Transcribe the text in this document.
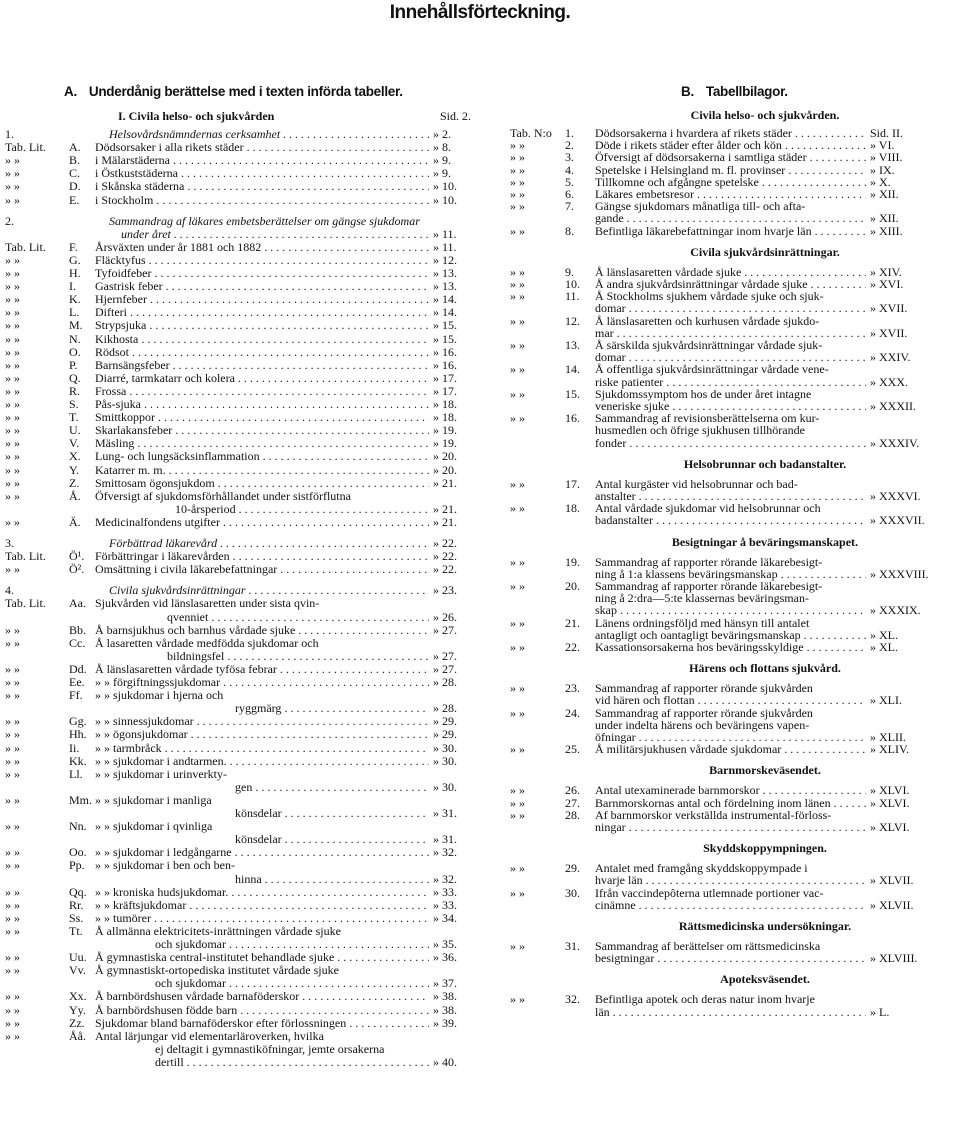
Innehållsförteckning.
A. Underdånig berättelse med i texten införda tabeller.	B. Tabellbilagor.
I. Civila helso- och sjukvården	Sid. 2.
1.	Helsovårdsnämndernas cerksamhet . . .	» 2.
Tab. Lit. A. Dödsorsaker i alla rikets städer . . .	» 8.
» »	B. i Mälarstäderna . . .	» 9.
» »	C. i Östkuststäderna . . .	» 9.
» »	D. i Skånska städerna . . .	» 10.
» »	E. i Stockholm . . .	» 10.
2.	Sammandrag af läkares embetsberättelser om gängse sjukdomar
under året . . .	» 11.
Tab. Lit. F. Årsväxten under år 1881 och 1882 . . .	» 11.
» »	G. Fläcktyfus . . .	» 12.
» »	H. Tyfoidfeber . . .	» 13.
» »	I. Gastrisk feber . . .	» 13.
» »	K. Hjernfeber . . .	» 14.
» »	L. Difteri . . .	» 14.
» »	M. Strypsjuka . . .	» 15.
» »	N. Kikhosta . . .	» 15.
» »	O. Rödsot . . .	» 16.
» »	P. Barnsängsfeber . . .	» 16.
» »	Q. Diarré, tarmkatarr och kolera . . .	» 17.
» »	R. Frossa . . .	» 17.
» »	S. Pås-sjuka . . .	» 18.
» »	T. Smittkoppor . . .	» 18.
» »	U. Skarlakansfeber . . .	» 19.
» »	V. Mäsling . . .	» 19.
» »	X. Lung- och lungsäcksinflammation . . .	» 20.
» »	Y. Katarrer m. m. . . .	» 20.
» »	Z. Smittosam ögonsjukdom . . .	» 21.
» »	Å. Öfversigt af sjukdomsförhållandet under sistförflutna
10-årsperiod . . .	» 21.
» »	Ä. Medicinalfondens utgifter . . .	» 21.
3.	Förbättrad läkarevård . . .	» 22.
Tab. Lit. Ö¹. Förbättringar i läkarevården . . .	» 22.
» »	Ö². Omsättning i civila läkarebefattningar . . .	» 22.
4.	Civila sjukvårdsinrättningar . . .	» 23.
Tab. Lit. Aa. Sjukvården vid länslasaretten under sista qvin-
qvenniet . . .	» 26.
» »	Bb. Å barnsjukhus och barnhus vårdade sjuke . . .	» 27.
» »	Cc. Å lasaretten vårdade medfödda sjukdomar och
bildningsfel . . .	» 27.
» »	Dd. Å länslasaretten vårdade tyfösa febrar . . .	» 27.
» »	Ee. » » förgiftningssjukdomar . . .	» 28.
» »	Ff. » » sjukdomar i hjerna och
ryggmärg . . .	» 28.
» »	Gg. » » sinnessjukdomar . . .	» 29.
» »	Hh. » » ögonsjukdomar . . .	» 29.
» »	Ii. » » tarmbråck . . .	» 30.
» »	Kk. » » sjukdomar i andtarmen. . . .	» 30.
» »	Ll. » » sjukdomar i urinverkty-
gen . . .	» 30.
» »	Mm. » » sjukdomar i manliga
könsdelar . . .	» 31.
» »	Nn. » » sjukdomar i qvinliga
könsdelar . . .	» 31.
» »	Oo. » » sjukdomar i ledgångarne . . .	» 32.
» »	Pp. » » sjukdomar i ben och ben-
hinna . . .	» 32.
» »	Qq. » » kroniska hudsjukdomar. . . .	» 33.
» »	Rr. » » kräftsjukdomar . . .	» 33.
» »	Ss. » » tumörer . . .	» 34.
» »	Tt. Å allmänna elektricitets-inrättningen vårdade sjuke
och sjukdomar . . .	» 35.
» »	Uu. Å gymnastiska central-institutet behandlade sjuke . . .	» 36.
» »	Vv. Å gymnastiskt-ortopediska institutet vårdade sjuke
och sjukdomar . . .	» 37.
» »	Xx. Å barnbördshusen vårdade barnaföderskor . . .	» 38.
» »	Yy. Å barnbördshusen födde barn . . .	» 38.
» »	Zz. Sjukdomar bland barnaföderskor efter förlossningen . . .	» 39.
» »	Åå. Antal lärjungar vid elementarläroverken, hvilka
ej deltagit i gymnastiköfningar, jemte orsakerna
dertill . . .	» 40.
Civila helso- och sjukvården.
Tab. N:o 1. Dödsorsakerna i hvardera af rikets städer . . .	Sid. II.
» »	2. Döde i rikets städer efter ålder och kön . . .	» VI.
» »	3. Öfversigt af dödsorsakerna i samtliga städer . . .	» VIII.
» »	4. Spetelske i Helsingland m. fl. provinser . . .	» IX.
» »	5. Tillkomne och afgångne spetelske . . .	» X.
» »	6. Läkares embetsresor . . .	» XII.
» »	7. Gängse sjukdomars månatliga till- och afta-
gande . . .	» XII.
» »	8. Befintliga läkarebefattningar inom hvarje län . . .	» XIII.
Civila sjukvårdsinrättningar.
» »	9. Å länslasaretten vårdade sjuke . . .	» XIV.
» »	10. Å andra sjukvårdsinrättningar vårdade sjuke . . .	» XVI.
» »	11. Å Stockholms sjukhem vårdade sjuke och sjuk-
domar . . .	» XVII.
» »	12. Å länslasaretten och kurhusen vårdade sjukdo-
mar . . .	» XVII.
» »	13. Å särskilda sjukvårdsinrättningar vårdade sjuk-
domar . . .	» XXIV.
» »	14. Å offentliga sjukvårdsinrättningar vårdade vene-
riske patienter . . .	» XXX.
» »	15. Sjukdomssymptom hos de under året intagne
veneriske sjuke . . .	» XXXII.
» »	16. Sammandrag af revisionsberättelserna om kur-
husmedlen och öfrige sjukhusen tillhörande
fonder . . .	» XXXIV.
Helsobrunnar och badanstalter.
» »	17. Antal kurgäster vid helsobrunnar och bad-
anstalter . . .	» XXXVI.
» »	18. Antal vårdade sjukdomar vid helsobrunnar och
badanstalter . . .	» XXXVII.
Besigtningar å beväringsmanskapet.
» »	19. Sammandrag af rapporter rörande läkarebesigt-
ning å 1:a klassens beväringsmanskap . . .	» XXXVIII.
» »	20. Sammandrag af rapporter rörande läkarebesigt-
ning å 2:dra—5:te klassernas beväringsman-
skap . . .	» XXXIX.
» »	21. Länens ordningsföljd med hänsyn till antalet
antagligt och oantagligt beväringsmanskap . . .	» XL.
» »	22. Kassationsorsakerna hos beväringsskyldige . . .	» XL.
Härens och flottans sjukvård.
» »	23. Sammandrag af rapporter rörande sjukvården
vid hären och flottan . . .	» XLI.
» »	24. Sammandrag af rapporter rörande sjukvården
under indelta härens och beväringens vapen-
öfningar . . .	» XLII.
» »	25. Å militärsjukhusen vårdade sjukdomar . . .	» XLIV.
Barnmorskeväsendet.
» »	26. Antal utexaminerade barnmorskor . . .	» XLVI.
» »	27. Barnmorskornas antal och fördelning inom länen . . .	» XLVI.
» »	28. Af barnmorskor verkställda instrumental-förloss-
ningar . . .	» XLVI.
Skyddskoppympningen.
» »	29. Antalet med framgång skyddskoppympade i
hvarje län . . .	» XLVII.
» »	30. Ifrån vaccindepôterna utlemnade portioner vac-
cinämne . . .	» XLVII.
Rättsmedicinska undersökningar.
» »	31. Sammandrag af berättelser om rättsmedicinska
besigtningar . . .	» XLVIII.
Apoteksväsendet.
» »	32. Befintliga apotek och deras natur inom hvarje
län . . .	» L.
